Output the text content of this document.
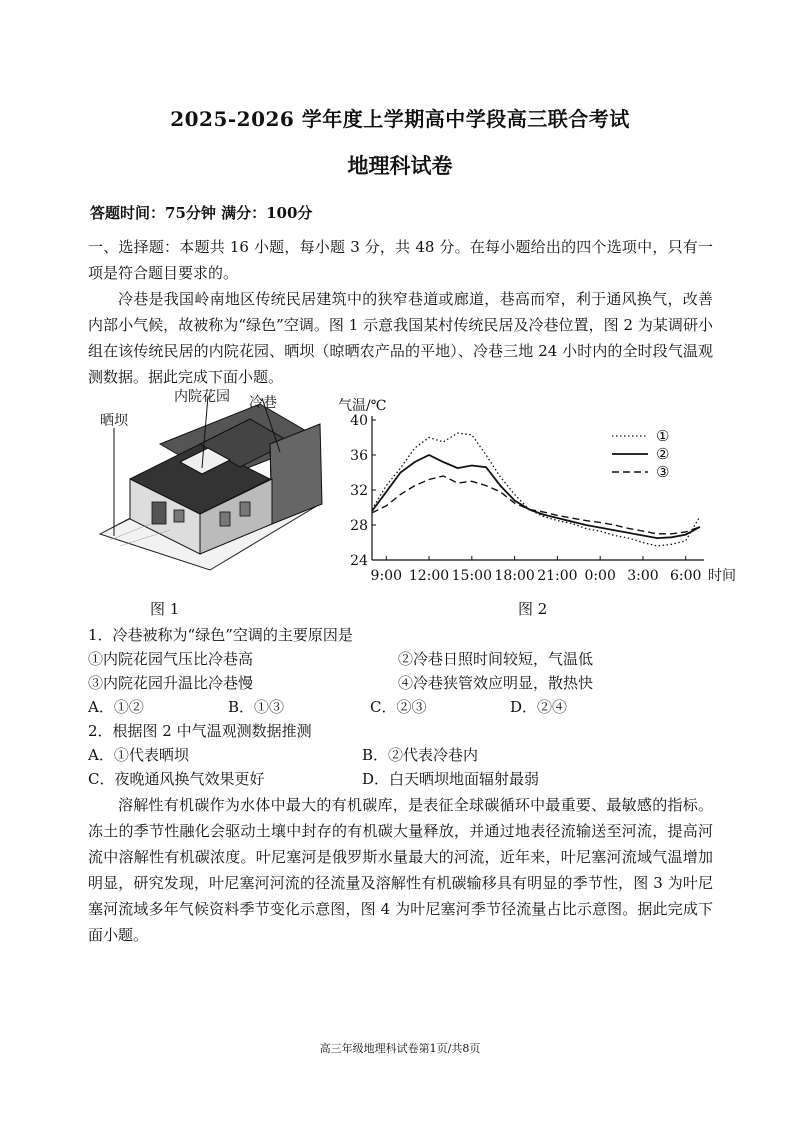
2025-2026 学年度上学期高中学段高三联合考试
地理科试卷
答题时间：75分钟 满分：100分
一、选择题：本题共 16 小题，每小题 3 分，共 48 分。在每小题给出的四个选项中，只有一项是符合题目要求的。
冷巷是我国岭南地区传统民居建筑中的狭窄巷道或廊道，巷高而窄，利于通风换气，改善内部小气候，故被称为“绿色”空调。图 1 示意我国某村传统民居及冷巷位置，图 2 为某调研小组在该传统民居的内院花园、晒坝（晾晒农产品的平地）、冷巷三地 24 小时内的全时段气温观测数据。据此完成下面小题。
内院花园 冷巷
晒坝
图 1
气温/℃
24
28
32
36
40
9:00 12:00 15:00 18:00 21:00 0:00 3:00 6:00 时间
①
②
③
图 2
1．冷巷被称为“绿色”空调的主要原因是
①内院花园气压比冷巷高	②冷巷日照时间较短，气温低
③内院花园升温比冷巷慢	④冷巷狭管效应明显，散热快
A．①②	B．①③	C．②③	D．②④
2．根据图 2 中气温观测数据推测
A．①代表晒坝	B．②代表冷巷内
C．夜晚通风换气效果更好	D．白天晒坝地面辐射最弱
溶解性有机碳作为水体中最大的有机碳库，是表征全球碳循环中最重要、最敏感的指标。冻土的季节性融化会驱动土壤中封存的有机碳大量释放，并通过地表径流输送至河流，提高河流中溶解性有机碳浓度。叶尼塞河是俄罗斯水量最大的河流，近年来，叶尼塞河流域气温增加明显，研究发现，叶尼塞河河流的径流量及溶解性有机碳输移具有明显的季节性，图 3 为叶尼塞河流域多年气候资料季节变化示意图，图 4 为叶尼塞河季节径流量占比示意图。据此完成下面小题。
高三年级地理科试卷第1页/共8页
